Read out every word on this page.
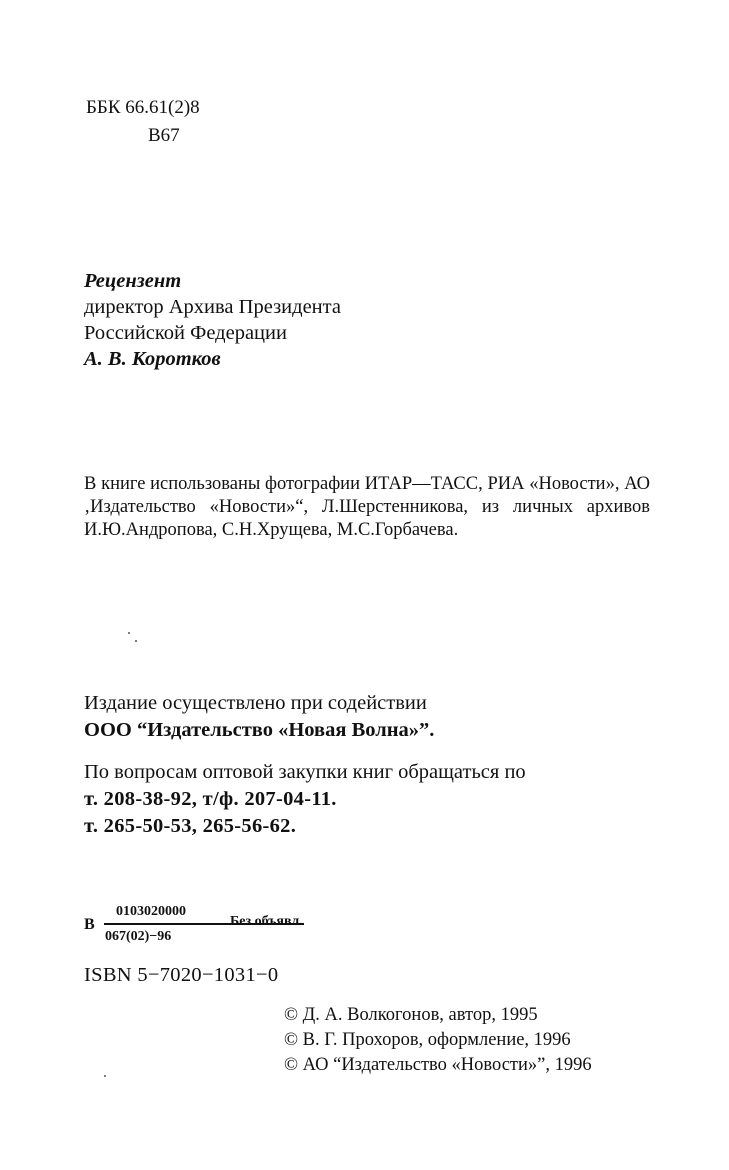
ББК 66.61(2)8
В67
Рецензент
директор Архива Президента
Российской Федерации
А. В. Коротков
В книге использованы фотографии ИТАР—ТАСС, РИА «Новости», АО ‚Издательство «Новости»“, Л.Шерстенникова, из личных архивов И.Ю.Андропова, С.Н.Хрущева, М.С.Горбачева.
Издание осуществлено при содействии
ООО “Издательство «Новая Волна»”.
По вопросам оптовой закупки книг обращаться по
т. 208-38-92, т/ф. 207-04-11.
т. 265-50-53, 265-56-62.
В
0103020000
067(02)−96
Без объявл.
ISBN 5−7020−1031−0
© Д. А. Волкогонов, автор, 1995
© В. Г. Прохоров, оформление, 1996
© АО “Издательство «Новости»”, 1996
